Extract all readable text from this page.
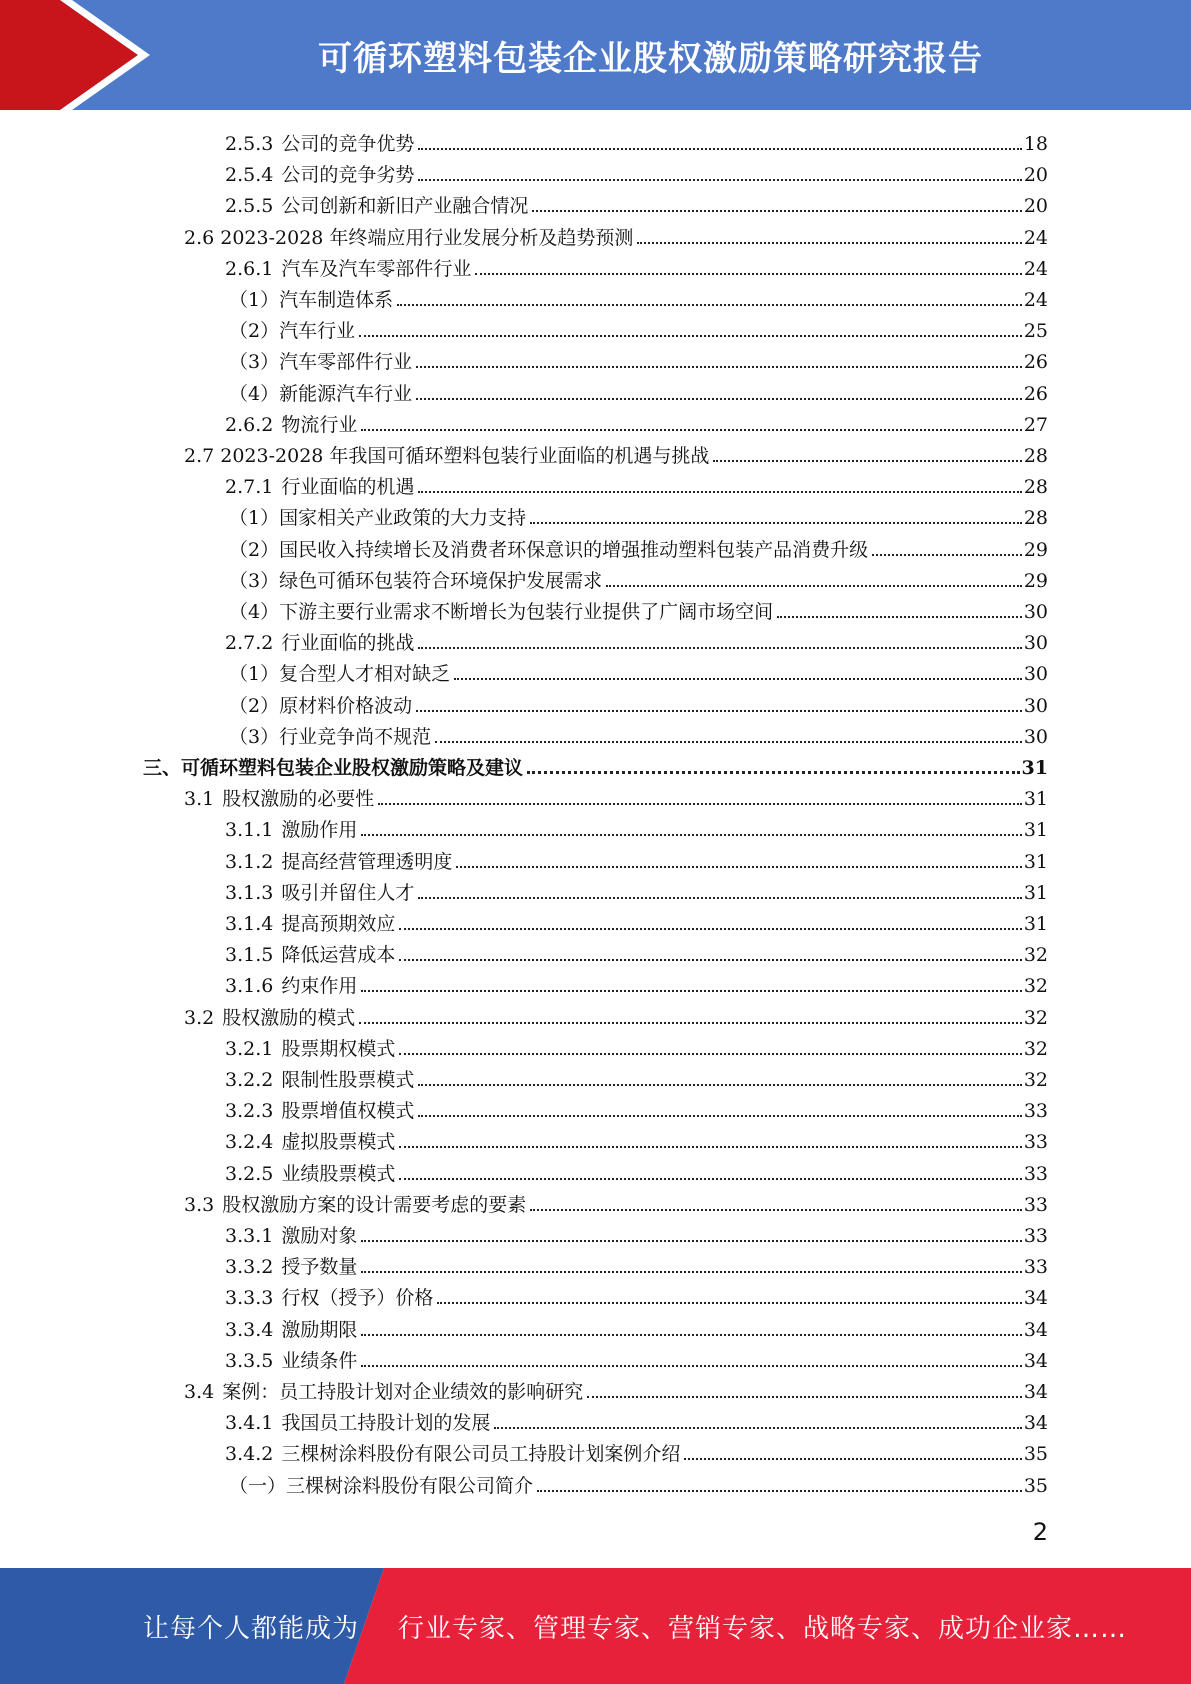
可循环塑料包装企业股权激励策略研究报告
2.5.3 公司的竞争优势	18
2.5.4 公司的竞争劣势	20
2.5.5 公司创新和新旧产业融合情况	20
2.6 2023-2028 年终端应用行业发展分析及趋势预测	24
2.6.1 汽车及汽车零部件行业	24
（1）汽车制造体系	24
（2）汽车行业	25
（3）汽车零部件行业	26
（4）新能源汽车行业	26
2.6.2 物流行业	27
2.7 2023-2028 年我国可循环塑料包装行业面临的机遇与挑战	28
2.7.1 行业面临的机遇	28
（1）国家相关产业政策的大力支持	28
（2）国民收入持续增长及消费者环保意识的增强推动塑料包装产品消费升级	29
（3）绿色可循环包装符合环境保护发展需求	29
（4）下游主要行业需求不断增长为包装行业提供了广阔市场空间	30
2.7.2 行业面临的挑战	30
（1）复合型人才相对缺乏	30
（2）原材料价格波动	30
（3）行业竞争尚不规范	30
三、可循环塑料包装企业股权激励策略及建议	31
3.1 股权激励的必要性	31
3.1.1 激励作用	31
3.1.2 提高经营管理透明度	31
3.1.3 吸引并留住人才	31
3.1.4 提高预期效应	31
3.1.5 降低运营成本	32
3.1.6 约束作用	32
3.2 股权激励的模式	32
3.2.1 股票期权模式	32
3.2.2 限制性股票模式	32
3.2.3 股票增值权模式	33
3.2.4 虚拟股票模式	33
3.2.5 业绩股票模式	33
3.3 股权激励方案的设计需要考虑的要素	33
3.3.1 激励对象	33
3.3.2 授予数量	33
3.3.3 行权（授予）价格	34
3.3.4 激励期限	34
3.3.5 业绩条件	34
3.4 案例：员工持股计划对企业绩效的影响研究	34
3.4.1 我国员工持股计划的发展	34
3.4.2 三棵树涂料股份有限公司员工持股计划案例介绍	35
（一）三棵树涂料股份有限公司简介	35
2
让每个人都能成为 行业专家、管理专家、营销专家、战略专家、成功企业家……
